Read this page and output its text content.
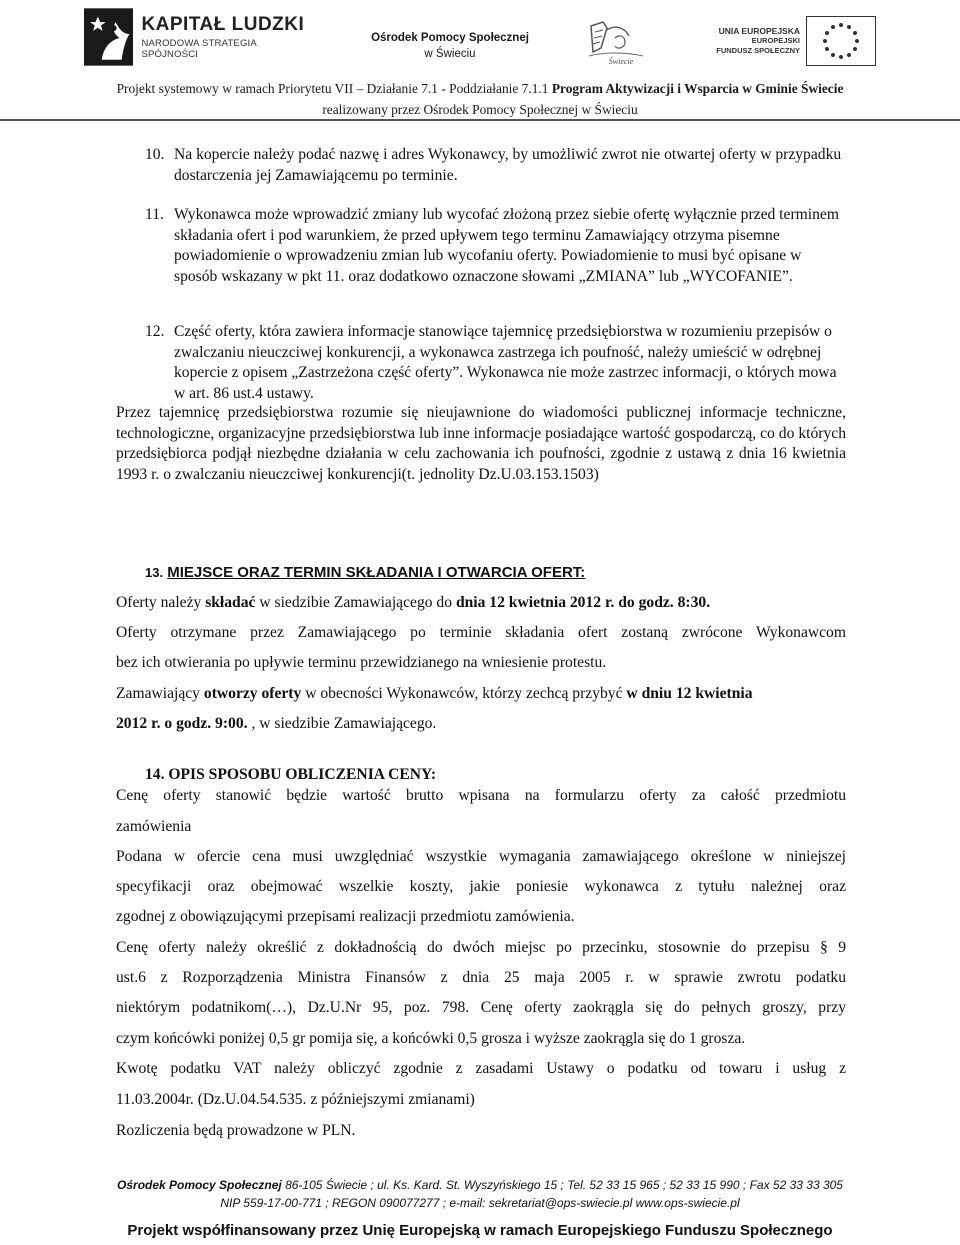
KAPITAŁ LUDZKI
NARODOWA STRATEGIA SPÓJNOŚCI
Ośrodek Pomocy Społecznej
w Świeciu
Świecie
UNIA EUROPEJSKA
EUROPEJSKI
FUNDUSZ SPOŁECZNY
Projekt systemowy w ramach Priorytetu VII – Działanie 7.1 - Poddziałanie 7.1.1 Program Aktywizacji i Wsparcia w Gminie Świecie
realizowany przez Ośrodek Pomocy Społecznej w Świeciu
10. Na kopercie należy podać nazwę i adres Wykonawcy, by umożliwić zwrot nie otwartej oferty w przypadku dostarczenia jej Zamawiającemu po terminie.
11. Wykonawca może wprowadzić zmiany lub wycofać złożoną przez siebie ofertę wyłącznie przed terminem składania ofert i pod warunkiem, że przed upływem tego terminu Zamawiający otrzyma pisemne powiadomienie o wprowadzeniu zmian lub wycofaniu oferty. Powiadomienie to musi być opisane w sposób wskazany w pkt 11. oraz dodatkowo oznaczone słowami „ZMIANA” lub „WYCOFANIE”.
12. Część oferty, która zawiera informacje stanowiące tajemnicę przedsiębiorstwa w rozumieniu przepisów o zwalczaniu nieuczciwej konkurencji, a wykonawca zastrzega ich poufność, należy umieścić w odrębnej kopercie z opisem „Zastrzeżona część oferty”. Wykonawca nie może zastrzec informacji, o których mowa w art. 86 ust.4 ustawy.
Przez tajemnicę przedsiębiorstwa rozumie się nieujawnione do wiadomości publicznej informacje techniczne, technologiczne, organizacyjne przedsiębiorstwa lub inne informacje posiadające wartość gospodarczą, co do których przedsiębiorca podjął niezbędne działania w celu zachowania ich poufności, zgodnie z ustawą z dnia 16 kwietnia 1993 r. o zwalczaniu nieuczciwej konkurencji(t. jednolity Dz.U.03.153.1503)
13. MIEJSCE ORAZ TERMIN SKŁADANIA I OTWARCIA OFERT:
Oferty należy składać w siedzibie Zamawiającego do dnia 12 kwietnia 2012 r. do godz. 8:30.
Oferty otrzymane przez Zamawiającego po terminie składania ofert zostaną zwrócone Wykonawcom
bez ich otwierania po upływie terminu przewidzianego na wniesienie protestu.
Zamawiający otworzy oferty w obecności Wykonawców, którzy zechcą przybyć w dniu 12 kwietnia
2012 r. o godz. 9:00. , w siedzibie Zamawiającego.
14. OPIS SPOSOBU OBLICZENIA CENY:
Cenę oferty stanowić będzie wartość brutto wpisana na formularzu oferty za całość przedmiotu
zamówienia
Podana w ofercie cena musi uwzględniać wszystkie wymagania zamawiającego określone w niniejszej
specyfikacji oraz obejmować wszelkie koszty, jakie poniesie wykonawca z tytułu należnej oraz
zgodnej z obowiązującymi przepisami realizacji przedmiotu zamówienia.
Cenę oferty należy określić z dokładnością do dwóch miejsc po przecinku, stosownie do przepisu § 9
ust.6 z Rozporządzenia Ministra Finansów z dnia 25 maja 2005 r. w sprawie zwrotu podatku
niektórym podatnikom(…), Dz.U.Nr 95, poz. 798. Cenę oferty zaokrągla się do pełnych groszy, przy
czym końcówki poniżej 0,5 gr pomija się, a końcówki 0,5 grosza i wyższe zaokrągla się do 1 grosza.
Kwotę podatku VAT należy obliczyć zgodnie z zasadami Ustawy o podatku od towaru i usług z
11.03.2004r. (Dz.U.04.54.535. z późniejszymi zmianami)
Rozliczenia będą prowadzone w PLN.
Ośrodek Pomocy Społecznej 86-105 Świecie ; ul. Ks. Kard. St. Wyszyńskiego 15 ; Tel. 52 33 15 965 ; 52 33 15 990 ; Fax 52 33 33 305
NIP 559-17-00-771 ; REGON 090077277 ; e-mail: sekretariat@ops-swiecie.pl www.ops-swiecie.pl
Projekt współfinansowany przez Unię Europejską w ramach Europejskiego Funduszu Społecznego
